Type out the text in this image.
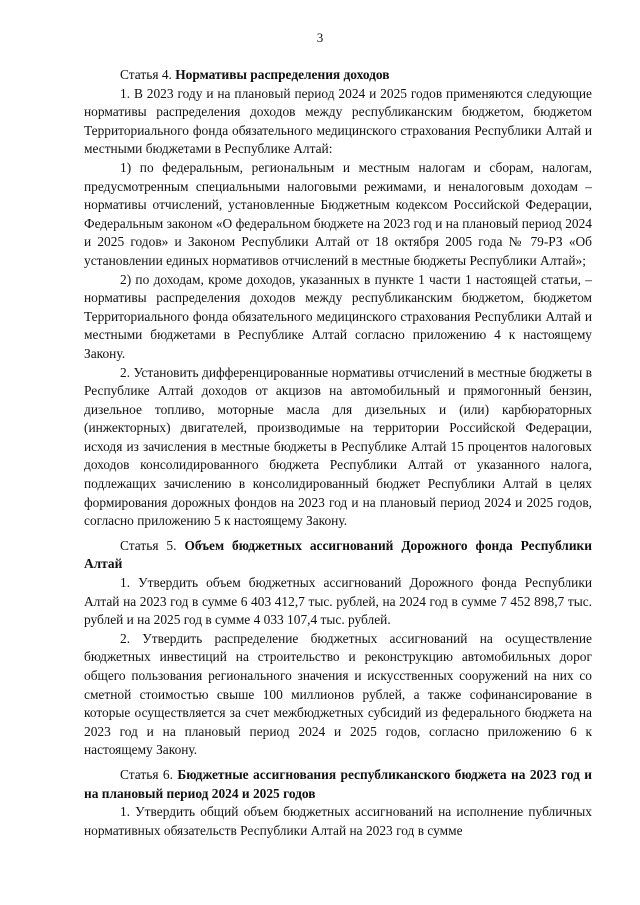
3

Статья 4. Нормативы распределения доходов

1. В 2023 году и на плановый период 2024 и 2025 годов применяются следующие нормативы распределения доходов между республиканским бюджетом, бюджетом Территориального фонда обязательного медицинского страхования Республики Алтай и местными бюджетами в Республике Алтай:

1) по федеральным, региональным и местным налогам и сборам, налогам, предусмотренным специальными налоговыми режимами, и неналоговым доходам – нормативы отчислений, установленные Бюджетным кодексом Российской Федерации, Федеральным законом «О федеральном бюджете на 2023 год и на плановый период 2024 и 2025 годов» и Законом Республики Алтай от 18 октября 2005 года № 79-РЗ «Об установлении единых нормативов отчислений в местные бюджеты Республики Алтай»;

2) по доходам, кроме доходов, указанных в пункте 1 части 1 настоящей статьи, – нормативы распределения доходов между республиканским бюджетом, бюджетом Территориального фонда обязательного медицинского страхования Республики Алтай и местными бюджетами в Республике Алтай согласно приложению 4 к настоящему Закону.

2. Установить дифференцированные нормативы отчислений в местные бюджеты в Республике Алтай доходов от акцизов на автомобильный и прямогонный бензин, дизельное топливо, моторные масла для дизельных и (или) карбюраторных (инжекторных) двигателей, производимые на территории Российской Федерации, исходя из зачисления в местные бюджеты в Республике Алтай 15 процентов налоговых доходов консолидированного бюджета Республики Алтай от указанного налога, подлежащих зачислению в консолидированный бюджет Республики Алтай в целях формирования дорожных фондов на 2023 год и на плановый период 2024 и 2025 годов, согласно приложению 5 к настоящему Закону.

Статья 5. Объем бюджетных ассигнований Дорожного фонда Республики Алтай

1. Утвердить объем бюджетных ассигнований Дорожного фонда Республики Алтай на 2023 год в сумме 6 403 412,7 тыс. рублей, на 2024 год в сумме 7 452 898,7 тыс. рублей и на 2025 год в сумме 4 033 107,4 тыс. рублей.

2. Утвердить распределение бюджетных ассигнований на осуществление бюджетных инвестиций на строительство и реконструкцию автомобильных дорог общего пользования регионального значения и искусственных сооружений на них со сметной стоимостью свыше 100 миллионов рублей, а также софинансирование в которые осуществляется за счет межбюджетных субсидий из федерального бюджета на 2023 год и на плановый период 2024 и 2025 годов, согласно приложению 6 к настоящему Закону.

Статья 6. Бюджетные ассигнования республиканского бюджета на 2023 год и на плановый период 2024 и 2025 годов

1. Утвердить общий объем бюджетных ассигнований на исполнение публичных нормативных обязательств Республики Алтай на 2023 год в сумме
